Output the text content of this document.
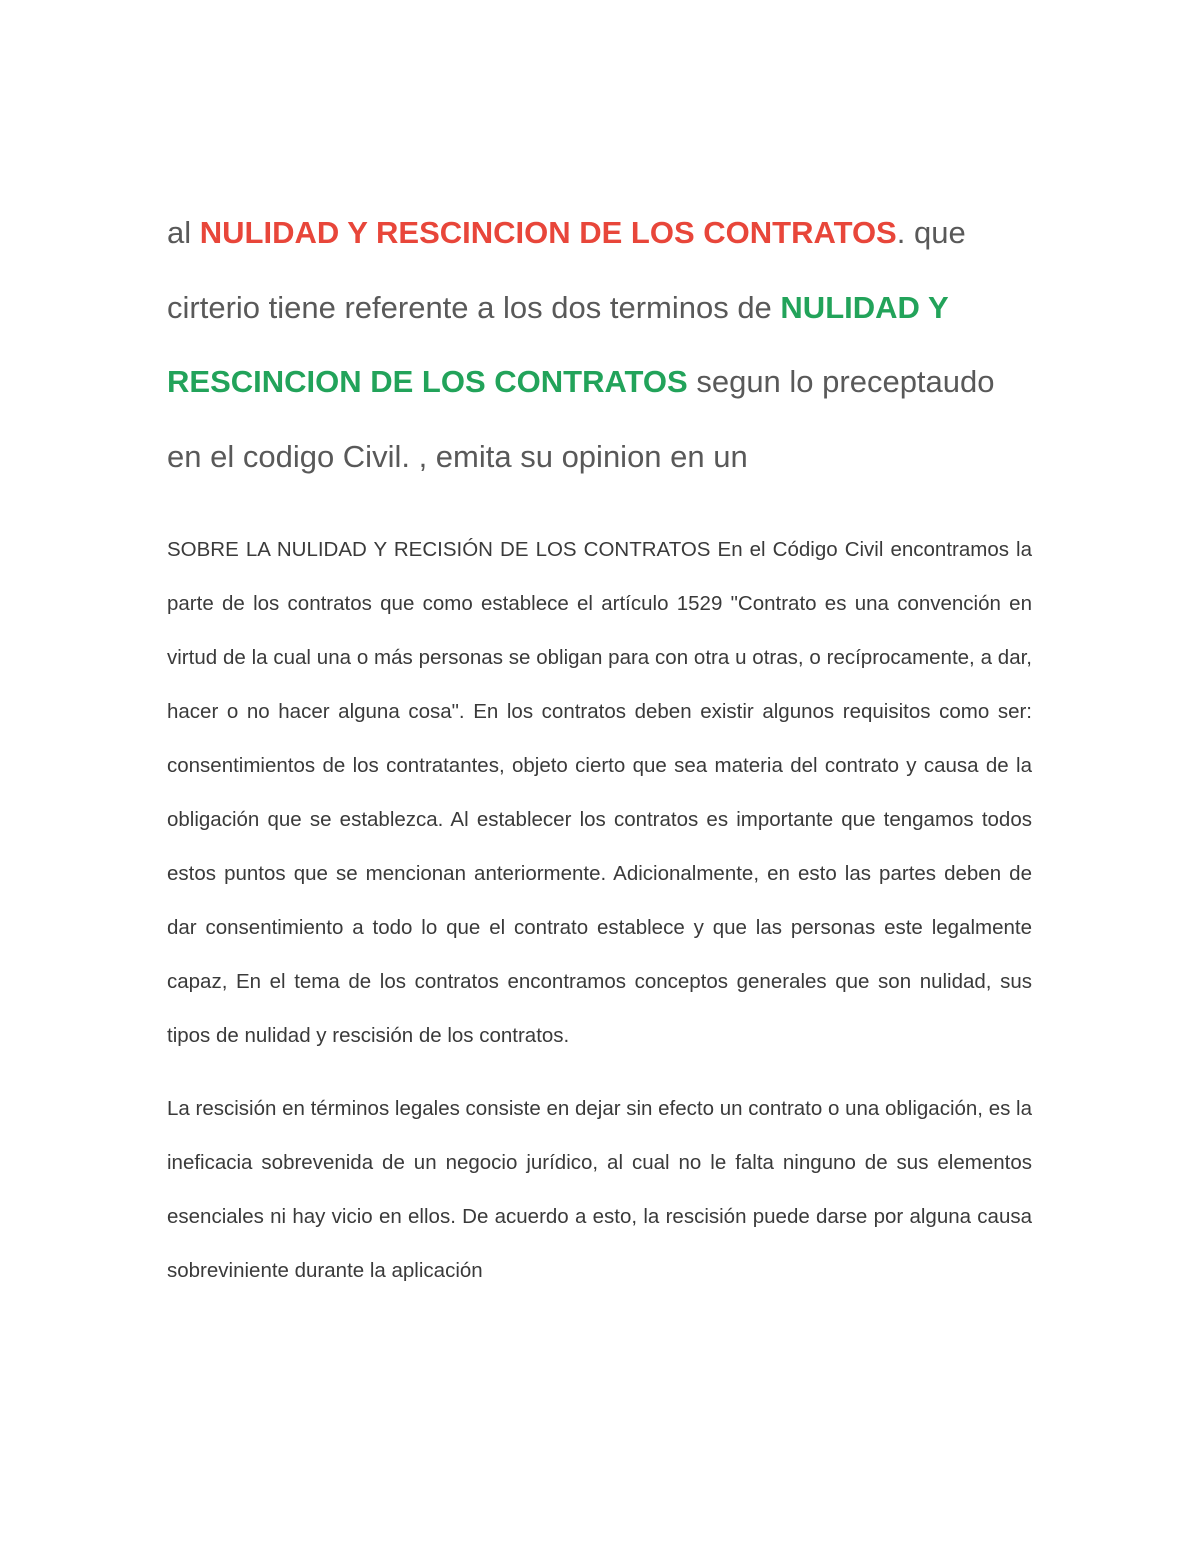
al NULIDAD Y RESCINCION DE LOS CONTRATOS. que cirterio tiene referente a los dos terminos de NULIDAD Y RESCINCION DE LOS CONTRATOS segun lo preceptaudo en el codigo Civil. , emita su opinion en un

SOBRE LA NULIDAD Y RECISIÓN DE LOS CONTRATOS En el Código Civil encontramos la parte de los contratos que como establece el artículo 1529 "Contrato es una convención en virtud de la cual una o más personas se obligan para con otra u otras, o recíprocamente, a dar, hacer o no hacer alguna cosa". En los contratos deben existir algunos requisitos como ser: consentimientos de los contratantes, objeto cierto que sea materia del contrato y causa de la obligación que se establezca. Al establecer los contratos es importante que tengamos todos estos puntos que se mencionan anteriormente. Adicionalmente, en esto las partes deben de dar consentimiento a todo lo que el contrato establece y que las personas este legalmente capaz, En el tema de los contratos encontramos conceptos generales que son nulidad, sus tipos de nulidad y rescisión de los contratos.

La rescisión en términos legales consiste en dejar sin efecto un contrato o una obligación, es la ineficacia sobrevenida de un negocio jurídico, al cual no le falta ninguno de sus elementos esenciales ni hay vicio en ellos. De acuerdo a esto, la rescisión puede darse por alguna causa sobreviniente durante la aplicación
